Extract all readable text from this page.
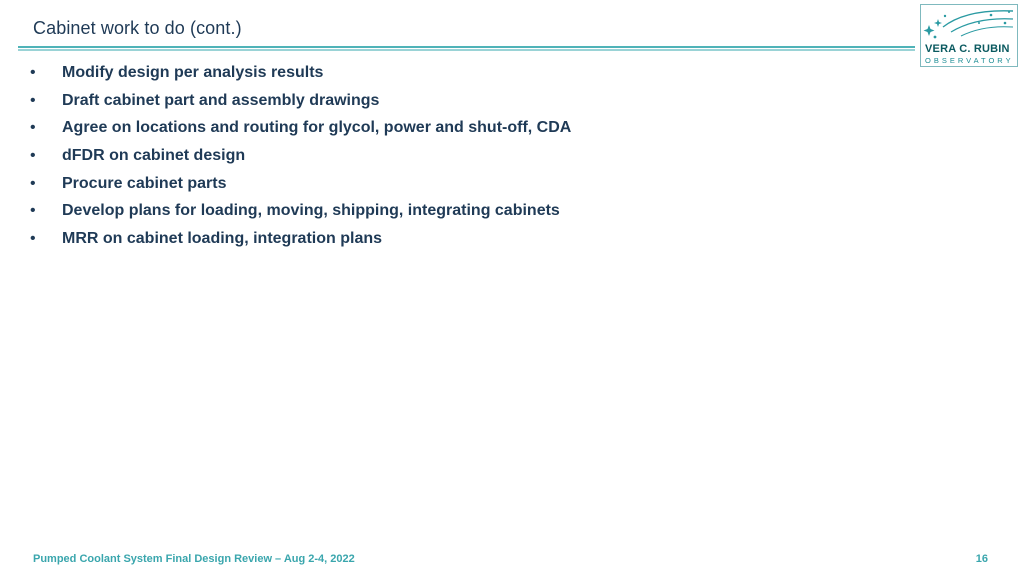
Cabinet work to do (cont.)
VERA C. RUBIN
OBSERVATORY
•	Modify design per analysis results
•	Draft cabinet part and assembly drawings
•	Agree on locations and routing for glycol, power and shut-off, CDA
•	dFDR on cabinet design
•	Procure cabinet parts
•	Develop plans for loading, moving, shipping, integrating cabinets
•	MRR on cabinet loading, integration plans
Pumped Coolant System Final Design Review – Aug 2-4, 2022	16
